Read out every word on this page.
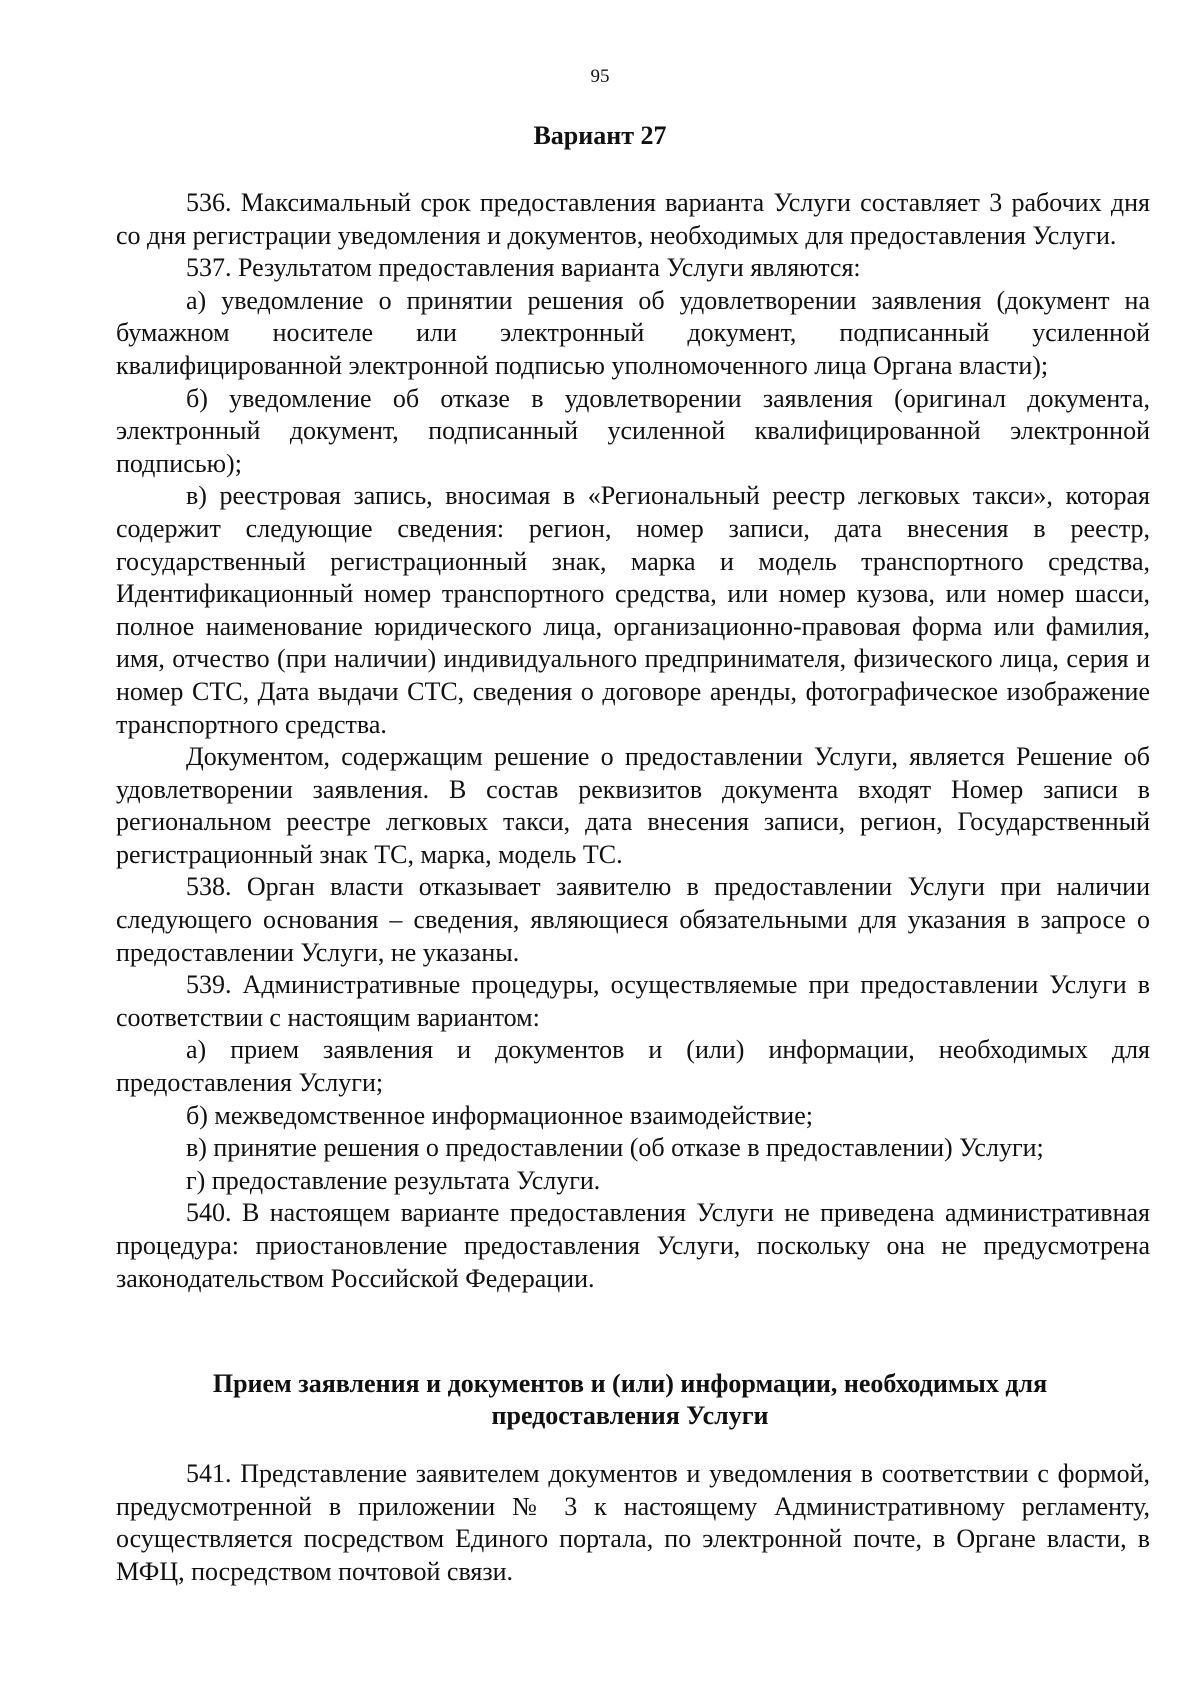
95
Вариант 27

536. Максимальный срок предоставления варианта Услуги составляет 3 рабочих дня со дня регистрации уведомления и документов, необходимых для предоставления Услуги.

537. Результатом предоставления варианта Услуги являются:

а) уведомление о принятии решения об удовлетворении заявления (документ на бумажном носителе или электронный документ, подписанный усиленной квалифицированной электронной подписью уполномоченного лица Органа власти);

б) уведомление об отказе в удовлетворении заявления (оригинал документа, электронный документ, подписанный усиленной квалифицированной электронной подписью);

в) реестровая запись, вносимая в «Региональный реестр легковых такси», которая содержит следующие сведения: регион, номер записи, дата внесения в реестр, государственный регистрационный знак, марка и модель транспортного средства, Идентификационный номер транспортного средства, или номер кузова, или номер шасси, полное наименование юридического лица, организационно-правовая форма или фамилия, имя, отчество (при наличии) индивидуального предпринимателя, физического лица, серия и номер СТС, Дата выдачи СТС, сведения о договоре аренды, фотографическое изображение транспортного средства.

Документом, содержащим решение о предоставлении Услуги, является Решение об удовлетворении заявления. В состав реквизитов документа входят Номер записи в региональном реестре легковых такси, дата внесения записи, регион, Государственный регистрационный знак ТС, марка, модель ТС.

538. Орган власти отказывает заявителю в предоставлении Услуги при наличии следующего основания – сведения, являющиеся обязательными для указания в запросе о предоставлении Услуги, не указаны.

539. Административные процедуры, осуществляемые при предоставлении Услуги в соответствии с настоящим вариантом:

а) прием заявления и документов и (или) информации, необходимых для предоставления Услуги;

б) межведомственное информационное взаимодействие;

в) принятие решения о предоставлении (об отказе в предоставлении) Услуги;

г) предоставление результата Услуги.

540. В настоящем варианте предоставления Услуги не приведена административная процедура: приостановление предоставления Услуги, поскольку она не предусмотрена законодательством Российской Федерации.

Прием заявления и документов и (или) информации, необходимых для предоставления Услуги

541. Представление заявителем документов и уведомления в соответствии с формой, предусмотренной в приложении № 3 к настоящему Административному регламенту, осуществляется посредством Единого портала, по электронной почте, в Органе власти, в МФЦ, посредством почтовой связи.
